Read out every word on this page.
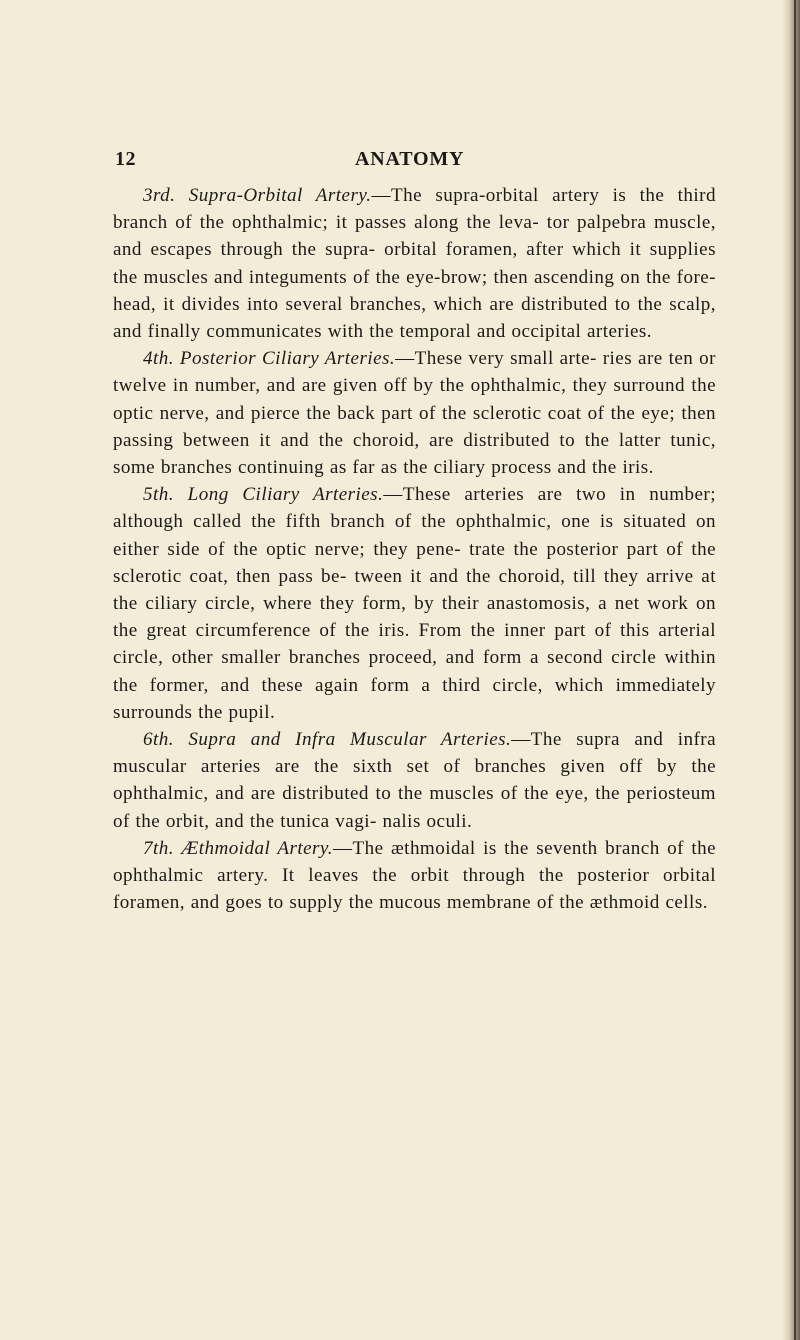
12	ANATOMY

3rd. Supra-Orbital Artery.—The supra-orbital artery is the third branch of the ophthalmic; it passes along the leva- tor palpebra muscle, and escapes through the supra- orbital foramen, after which it supplies the muscles and integuments of the eye-brow; then ascending on the fore- head, it divides into several branches, which are distributed to the scalp, and finally communicates with the temporal and occipital arteries.

4th. Posterior Ciliary Arteries.—These very small arte- ries are ten or twelve in number, and are given off by the ophthalmic, they surround the optic nerve, and pierce the back part of the sclerotic coat of the eye; then passing between it and the choroid, are distributed to the latter tunic, some branches continuing as far as the ciliary process and the iris.

5th. Long Ciliary Arteries.—These arteries are two in number; although called the fifth branch of the ophthalmic, one is situated on either side of the optic nerve; they pene- trate the posterior part of the sclerotic coat, then pass be- tween it and the choroid, till they arrive at the ciliary circle, where they form, by their anastomosis, a net work on the great circumference of the iris. From the inner part of this arterial circle, other smaller branches proceed, and form a second circle within the former, and these again form a third circle, which immediately surrounds the pupil.

6th. Supra and Infra Muscular Arteries.—The supra and infra muscular arteries are the sixth set of branches given off by the ophthalmic, and are distributed to the muscles of the eye, the periosteum of the orbit, and the tunica vagi- nalis oculi.

7th. Æthmoidal Artery.—The æthmoidal is the seventh branch of the ophthalmic artery. It leaves the orbit through the posterior orbital foramen, and goes to supply the mucous membrane of the æthmoid cells.
